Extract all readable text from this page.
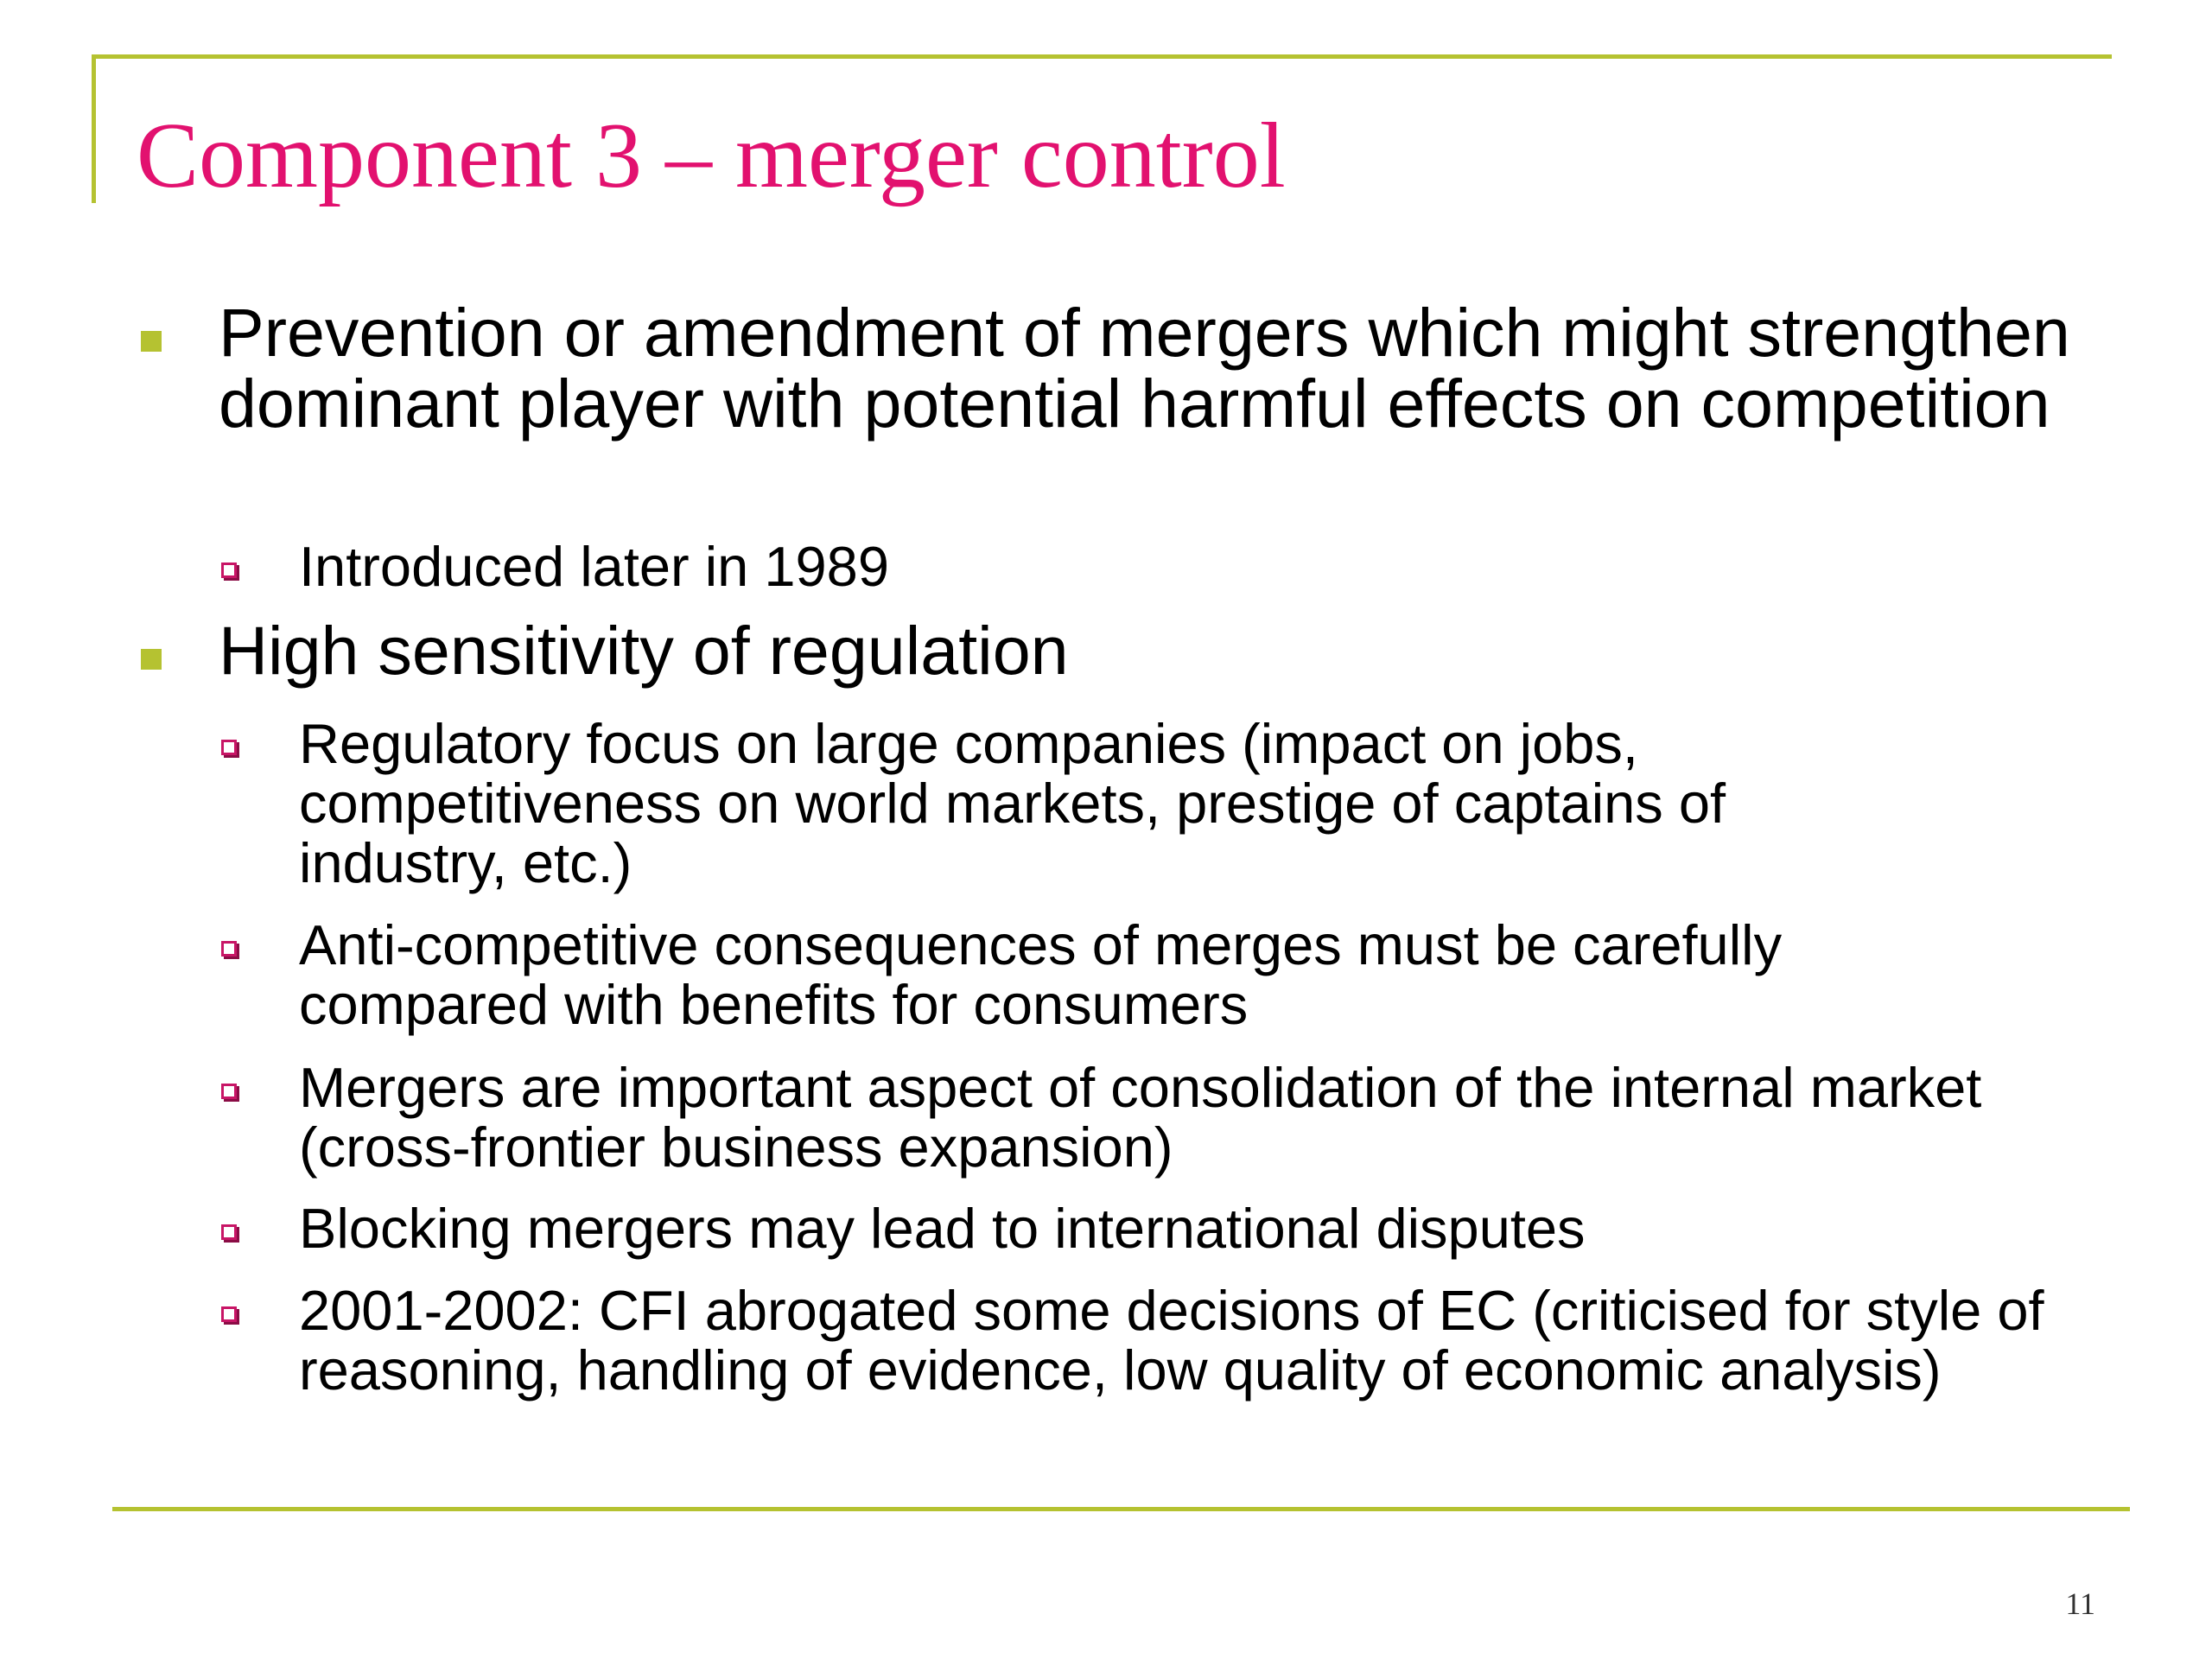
Component 3 – merger control
Prevention or amendment of mergers which might strengthen dominant player with potential harmful effects on competition
Introduced later in 1989
High sensitivity of regulation
Regulatory focus on large companies (impact on jobs, competitiveness on world markets, prestige of captains of industry, etc.)
Anti-competitive consequences of merges must be carefully compared with benefits for consumers
Mergers are important aspect of consolidation of the internal market (cross-frontier business expansion)
Blocking mergers may lead to international disputes
2001-2002: CFI abrogated some decisions of EC (criticised for style of reasoning, handling of evidence, low quality of economic analysis)
11
